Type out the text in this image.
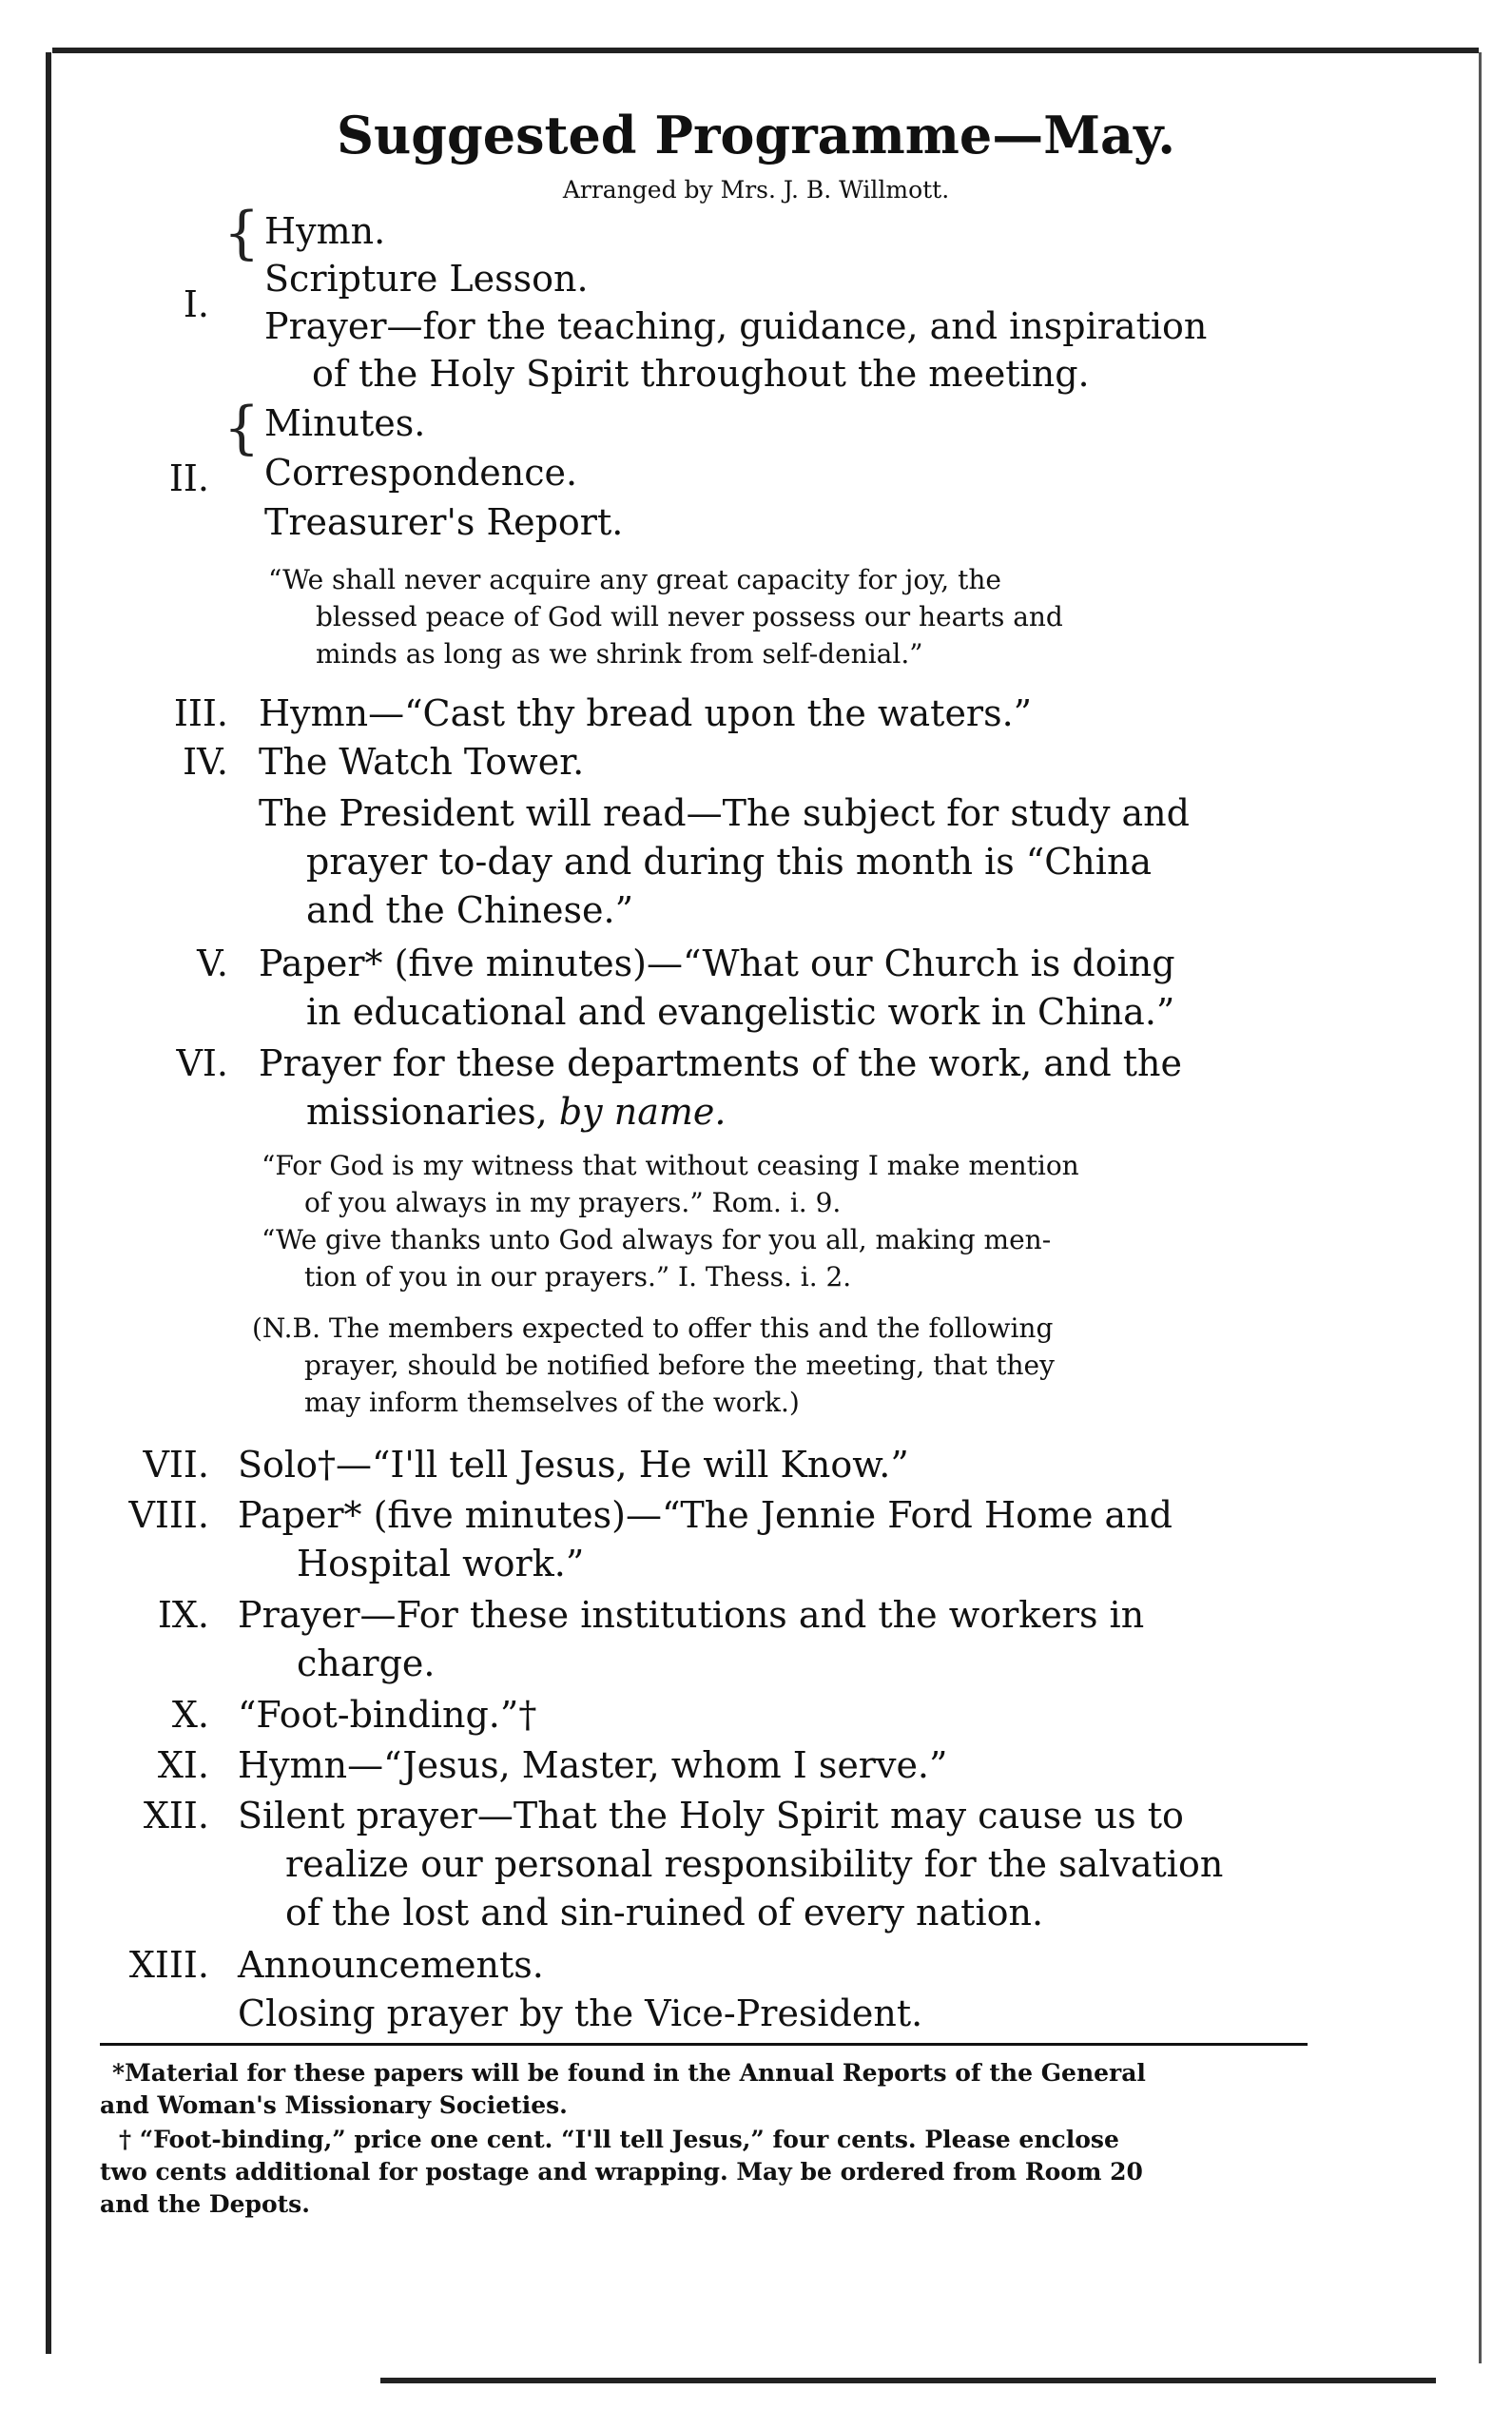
Suggested Programme—May.
Arranged by Mrs. J. B. Willmott.
I.
{ Hymn.
Scripture Lesson.
Prayer—for the teaching, guidance, and inspiration
of the Holy Spirit throughout the meeting.
II.
{ Minutes.
Correspondence.
Treasurer's Report.
“We shall never acquire any great capacity for joy, the
blessed peace of God will never possess our hearts and
minds as long as we shrink from self-denial.”
III. Hymn—“Cast thy bread upon the waters.”
IV. The Watch Tower.
The President will read—The subject for study and
prayer to-day and during this month is “China
and the Chinese.”
V. Paper* (five minutes)—“What our Church is doing
in educational and evangelistic work in China.”
VI. Prayer for these departments of the work, and the
missionaries, by name.
“For God is my witness that without ceasing I make mention
of you always in my prayers.” Rom. i. 9.
“We give thanks unto God always for you all, making men-
tion of you in our prayers.” I. Thess. i. 2.
(N.B. The members expected to offer this and the following
prayer, should be notified before the meeting, that they
may inform themselves of the work.)
VII. Solo†—“I'll tell Jesus, He will Know.”
VIII. Paper* (five minutes)—“The Jennie Ford Home and
Hospital work.”
IX. Prayer—For these institutions and the workers in
charge.
X. “Foot-binding.”†
XI. Hymn—“Jesus, Master, whom I serve.”
XII. Silent prayer—That the Holy Spirit may cause us to
realize our personal responsibility for the salvation
of the lost and sin-ruined of every nation.
XIII. Announcements.
Closing prayer by the Vice-President.
*Material for these papers will be found in the Annual Reports of the General
and Woman's Missionary Societies.
† “Foot-binding,” price one cent. “I'll tell Jesus,” four cents. Please enclose
two cents additional for postage and wrapping. May be ordered from Room 20
and the Depots.
